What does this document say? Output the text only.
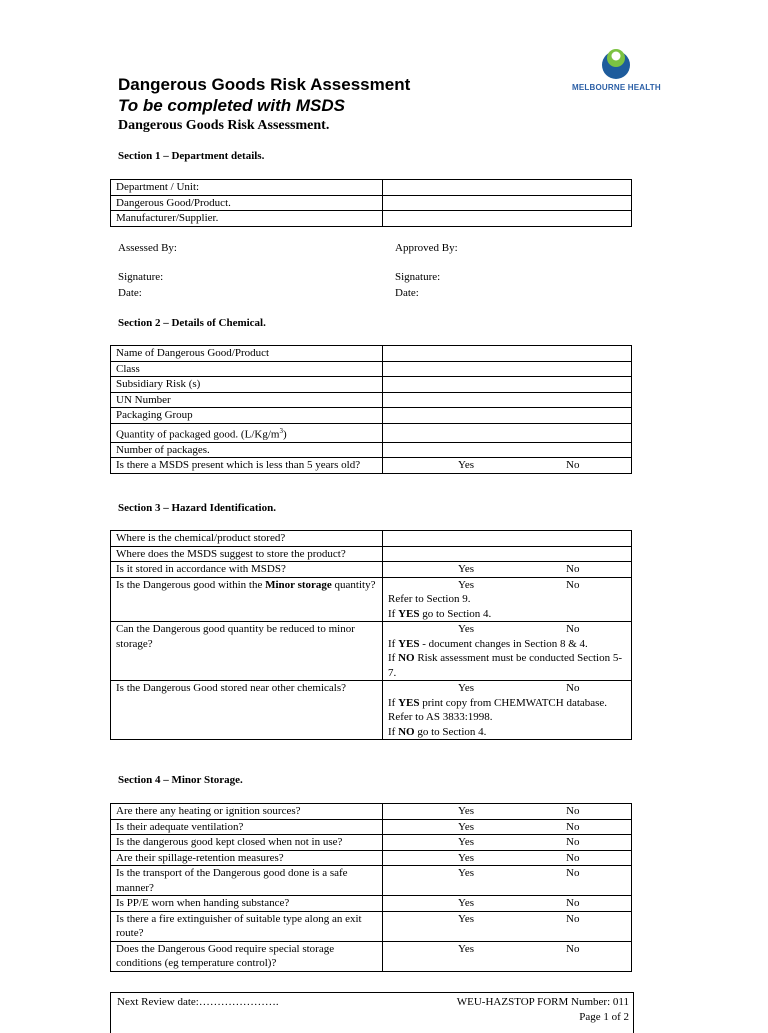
MELBOURNE HEALTH
Dangerous Goods Risk Assessment
To be completed with MSDS
Dangerous Goods Risk Assessment.
Section 1 – Department details.
Department / Unit:	
Dangerous Good/Product.	
Manufacturer/Supplier.	
Assessed By:	Approved By:
Signature:	Signature:
Date:	Date:
Section 2 – Details of Chemical.
Name of Dangerous Good/Product	
Class	
Subsidiary Risk (s)	
UN Number	
Packaging Group	
Quantity of packaged good. $(L/Kg/m^3)$	
Number of packages.	
Is there a MSDS present which is less than 5 years old?	Yes No
Section 3 – Hazard Identification.
Where is the chemical/product stored?	
Where does the MSDS suggest to store the product?	
Is it stored in accordance with MSDS?	Yes No

Is the Dangerous good within the Minor storage quantity?	Yes No
Refer to Section 9.
If YES go to Section 4.

Can the Dangerous good quantity be reduced to minor storage?	Yes No
If YES - document changes in Section 8 & 4.
If NO Risk assessment must be conducted Section 5-7.

Is the Dangerous Good stored near other chemicals?	Yes No
If YES print copy from CHEMWATCH database.
Refer to AS 3833:1998.
If NO go to Section 4.
Section 4 – Minor Storage.
Are there any heating or ignition sources?	Yes No

Is their adequate ventilation?	Yes No

Is the dangerous good kept closed when not in use?	Yes No

Are their spillage-retention measures?	Yes No

Is the transport of the Dangerous good done is a safe manner?	Yes No

Is PP/E worn when handing substance?	Yes No

Is there a fire extinguisher of suitable type along an exit route?	Yes No

Does the Dangerous Good require special storage conditions (eg temperature control)?	Yes No
Next Review date:………………….	WEU-HAZSTOP FORM Number: 011
Page 1 of 2
